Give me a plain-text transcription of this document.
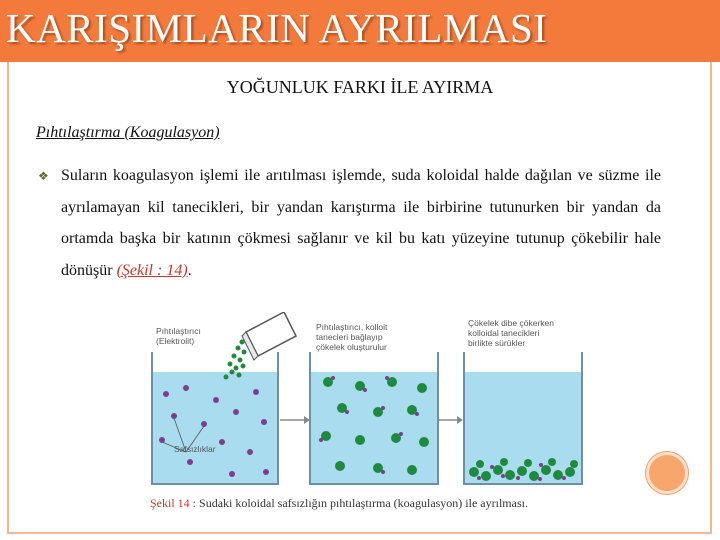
KARIŞIMLARIN AYRILMASI
YOĞUNLUK FARKI İLE AYIRMA
Pıhtılaştırma (Koagulasyon)
❖ Suların koagulasyon işlemi ile arıtılması işlemde, suda koloidal halde dağılan ve süzme ile ayrılamayan kil tanecikleri, bir yandan karıştırma ile birbirine tutunurken bir yandan da ortamda başka bir katının çökmesi sağlanır ve kil bu katı yüzeyine tutunup çökebilir hale dönüşür (Şekil : 14).
Pıhtılaştırıcı
(Elektrolit)
Pıhtılaştırıcı, kolloit
tanecleri bağlayıp
çökelek oluşturulur
Çökelek dibe çökerken
kolloidal tanecikleri
birlikte sürükler
Safsızlıklar
Şekil 14 : Sudaki koloidal safsızlığın pıhtılaştırma (koagulasyon) ile ayrılması.
